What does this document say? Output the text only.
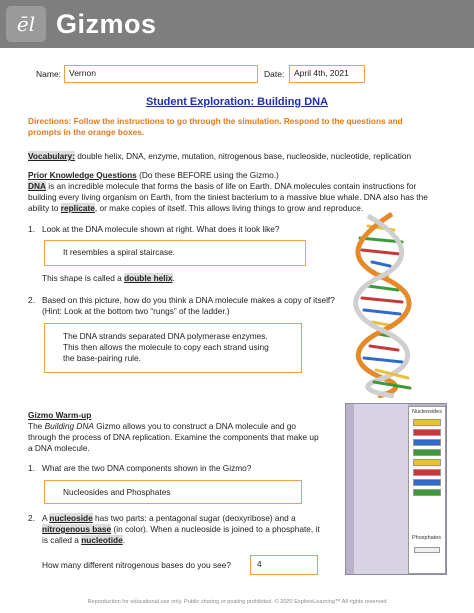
ēl Gizmos
Name: Vernon	Date:	April 4th, 2021
Student Exploration: Building DNA
Directions: Follow the instructions to go through the simulation. Respond to the questions and prompts in the orange boxes.
Vocabulary: double helix, DNA, enzyme, mutation, nitrogenous base, nucleoside, nucleotide, replication
Prior Knowledge Questions (Do these BEFORE using the Gizmo.)
DNA is an incredible molecule that forms the basis of life on Earth. DNA molecules contain instructions for
building every living organism on Earth, from the tiniest bacterium to a massive blue whale. DNA also has the
ability to replicate, or make copies of itself. This allows living things to grow and reproduce.
1. Look at the DNA molecule shown at right. What does it look like?
It resembles a spiral staircase.
This shape is called a double helix.
2. Based on this picture, how do you think a DNA molecule makes a copy of itself?
(Hint: Look at the bottom two “rungs” of the ladder.)
The DNA strands separated DNA polymerase enzymes.
This then allows the molecule to copy each strand using
the base-pairing rule.
Gizmo Warm-up
The Building DNA Gizmo allows you to construct a DNA molecule and go
through the process of DNA replication. Examine the components that make up
a DNA molecule.
1. What are the two DNA components shown in the Gizmo?
Nucleosides and Phosphates
2. A nucleoside has two parts: a pentagonal sugar (deoxyribose) and a
nitrogenous base (in color). When a nucleoside is joined to a phosphate, it
is called a nucleotide.
How many different nitrogenous bases do you see?	4
Nucleosides
Phosphates
Reproduction for educational use only. Public sharing or posting prohibited. © 2020 ExploreLearning™ All rights reserved
